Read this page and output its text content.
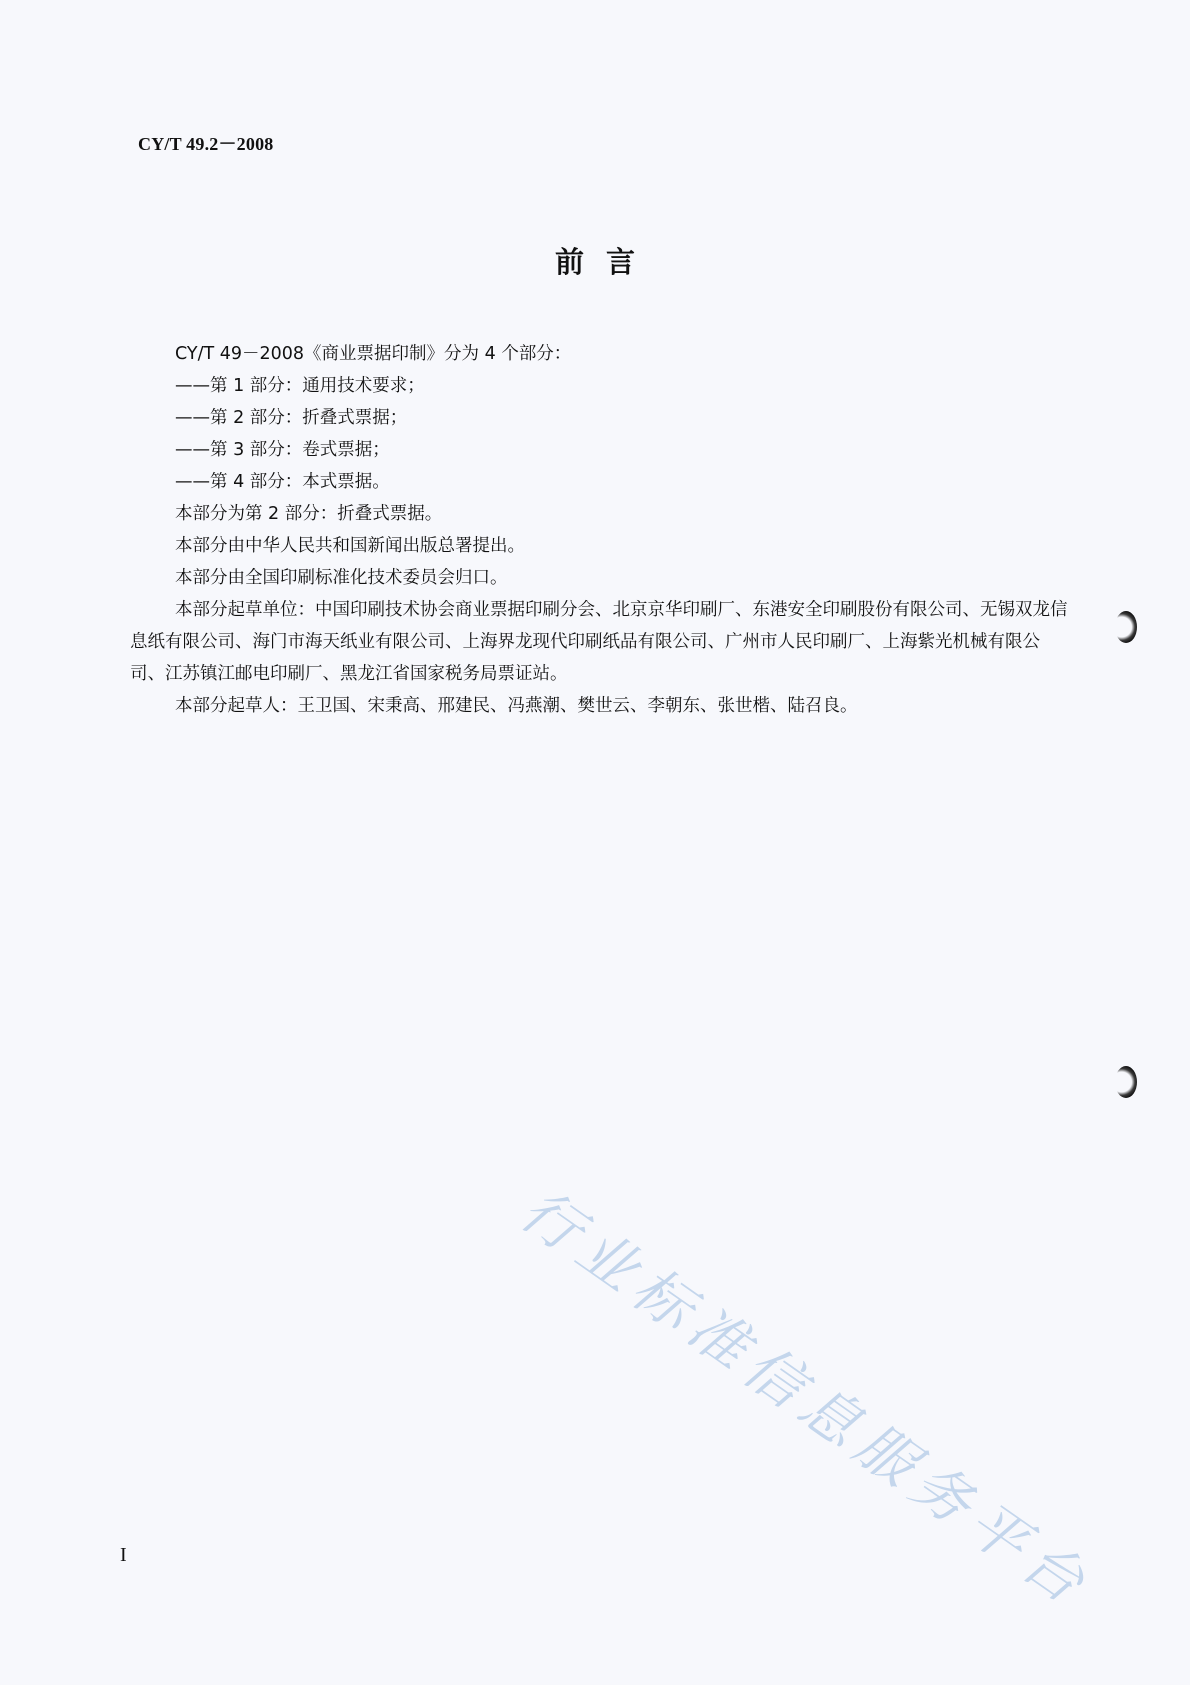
CY/T 49.2－2008
前言

CY/T 49－2008《商业票据印制》分为 4 个部分：

——第 1 部分：通用技术要求；

——第 2 部分：折叠式票据；

——第 3 部分：卷式票据；

——第 4 部分：本式票据。

本部分为第 2 部分：折叠式票据。

本部分由中华人民共和国新闻出版总署提出。

本部分由全国印刷标准化技术委员会归口。

本部分起草单位：中国印刷技术协会商业票据印刷分会、北京京华印刷厂、东港安全印刷股份有限公司、无锡双龙信息纸有限公司、海门市海天纸业有限公司、上海界龙现代印刷纸品有限公司、广州市人民印刷厂、上海紫光机械有限公司、江苏镇江邮电印刷厂、黑龙江省国家税务局票证站。

本部分起草人：王卫国、宋秉高、邢建民、冯燕潮、樊世云、李朝东、张世楷、陆召良。

行业标准信息服务平台
I
